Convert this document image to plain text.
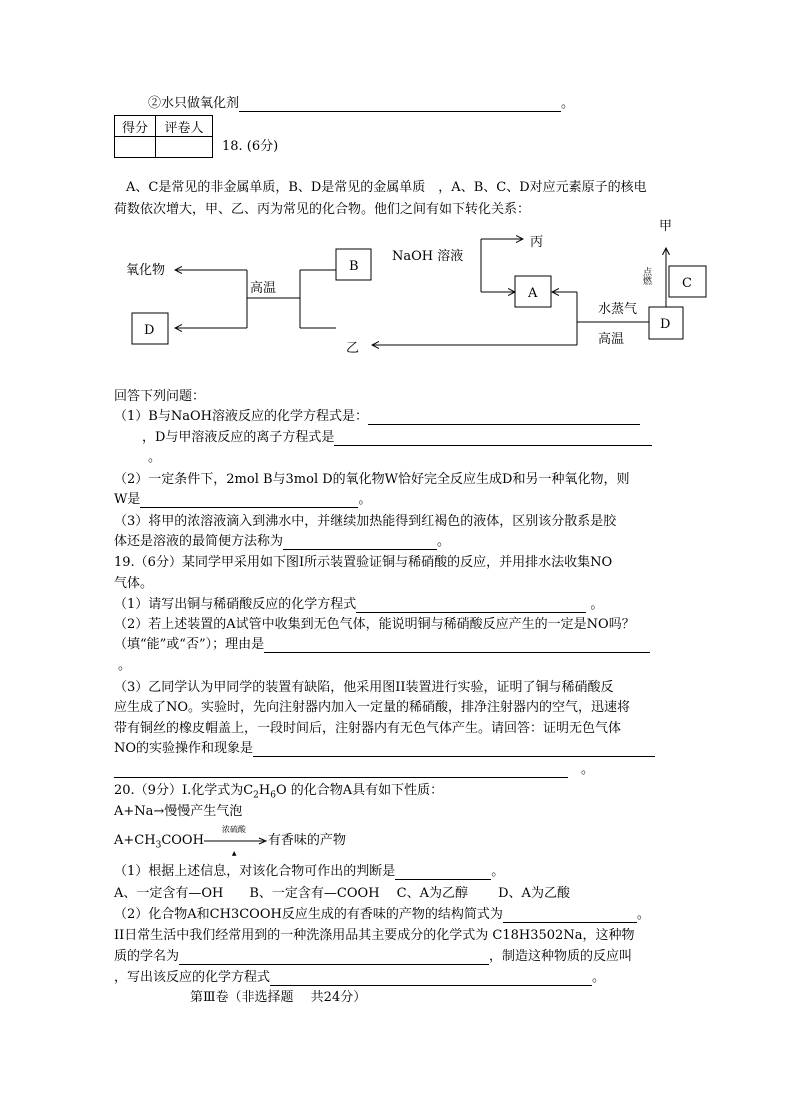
②水只做氧化剂	。
得分	评卷人

18. (6分)
A、C是常见的非金属单质，B、D是常见的金属单质　，A、B、C、D对应元素原子的核电
荷数依次增大，甲、乙、丙为常见的化合物。他们之间有如下转化关系：
甲
丙
乙
氧化物
高温
B
D
A
C
D
NaOH 溶液
水蒸气
高温
点燃
回答下列问题：
（1）B与NaOH溶液反应的化学方程式是：
，D与甲溶液反应的离子方程式是
。
（2）一定条件下，2mol B与3mol D的氧化物W恰好完全反应生成D和另一种氧化物，则
W是	。
（3）将甲的浓溶液滴入到沸水中，并继续加热能得到红褐色的液体，区别该分散系是胶
体还是溶液的最简便方法称为	。
19.（6分）某同学甲采用如下图Ⅰ所示装置验证铜与稀硝酸的反应，并用排水法收集NO
气体。
（1）请写出铜与稀硝酸反应的化学方程式	。
（2）若上述装置的A试管中收集到无色气体，能说明铜与稀硝酸反应产生的一定是NO吗？
（填“能”或“否”）；理由是
。
（3）乙同学认为甲同学的装置有缺陷，他采用图II装置进行实验，证明了铜与稀硝酸反
应生成了NO。实验时，先向注射器内加入一定量的稀硝酸，排净注射器内的空气，迅速将
带有铜丝的橡皮帽盖上，一段时间后，注射器内有无色气体产生。请回答：证明无色气体
NO的实验操作和现象是
　。
20.（9分）I.化学式为$C_2H_6O$ 的化合物A具有如下性质：
A+Na→慢慢产生气泡
$A+CH_3COOH$
浓硫酸
▲
有香味的产物
（1）根据上述信息，对该化合物可作出的判断是	。
A、一定含有—OH　　B、一定含有—COOH　 C、A为乙醇　　 D、A为乙酸
（2）化合物A和CH3COOH反应生成的有香味的产物的结构简式为	。
II日常生活中我们经常用到的一种洗涤用品其主要成分的化学式为 C18H3502Na，这种物
质的学名为	，制造这种物质的反应叫
，写出该反应的化学方程式	。
第Ⅲ卷（非选择题　 共24分）
